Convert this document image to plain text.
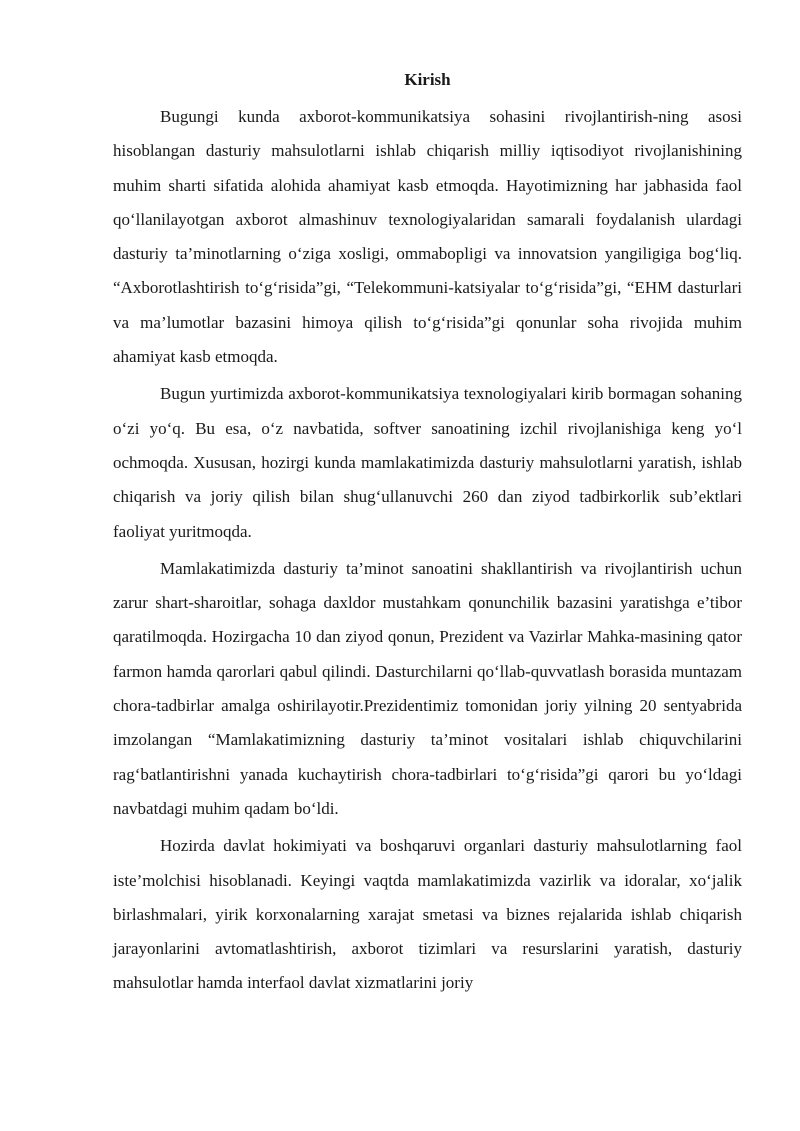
Kirish

Bugungi kunda axborot-kommunikatsiya sohasini rivojlantirish-ning asosi hisoblangan dasturiy mahsulotlarni ishlab chiqarish milliy iqtisodiyot rivojlanishining muhim sharti sifatida alohida ahamiyat kasb etmoqda. Hayotimizning har jabhasida faol qo‘llanilayotgan axborot almashinuv texnologiyalaridan samarali foydalanish ulardagi dasturiy ta’minotlarning o‘ziga xosligi, ommabopligi va innovatsion yangiligiga bog‘liq. “Axborotlashtirish to‘g‘risida”gi, “Telekommuni-katsiyalar to‘g‘risida”gi, “EHM dasturlari va ma’lumotlar bazasini himoya qilish to‘g‘risida”gi qonunlar soha rivojida muhim ahamiyat kasb etmoqda.

Bugun yurtimizda axborot-kommunikatsiya texnologiyalari kirib bormagan sohaning o‘zi yo‘q. Bu esa, o‘z navbatida, softver sanoatining izchil rivojlanishiga keng yo‘l ochmoqda. Xususan, hozirgi kunda mamlakatimizda dasturiy mahsulotlarni yaratish, ishlab chiqarish va joriy qilish bilan shug‘ullanuvchi 260 dan ziyod tadbirkorlik sub’ektlari faoliyat yuritmoqda.

Mamlakatimizda dasturiy ta’minot sanoatini shakllantirish va rivojlantirish uchun zarur shart-sharoitlar, sohaga daxldor mustahkam qonunchilik bazasini yaratishga e’tibor qaratilmoqda. Hozirgacha 10 dan ziyod qonun, Prezident va Vazirlar Mahka-masining qator farmon hamda qarorlari qabul qilindi. Dasturchilarni qo‘llab-quvvatlash borasida muntazam chora-tadbirlar amalga oshirilayotir.Prezidentimiz tomonidan joriy yilning 20 sentyabrida imzolangan “Mamlakatimizning dasturiy ta’minot vositalari ishlab chiquvchilarini rag‘batlantirishni yanada kuchaytirish chora-tadbirlari to‘g‘risida”gi qarori bu yo‘ldagi navbatdagi muhim qadam bo‘ldi.

Hozirda davlat hokimiyati va boshqaruvi organlari dasturiy mahsulotlarning faol iste’molchisi hisoblanadi. Keyingi vaqtda mamlakatimizda vazirlik va idoralar, xo‘jalik birlashmalari, yirik korxonalarning xarajat smetasi va biznes rejalarida ishlab chiqarish jarayonlarini avtomatlashtirish, axborot tizimlari va resurslarini yaratish, dasturiy mahsulotlar hamda interfaol davlat xizmatlarini joriy
